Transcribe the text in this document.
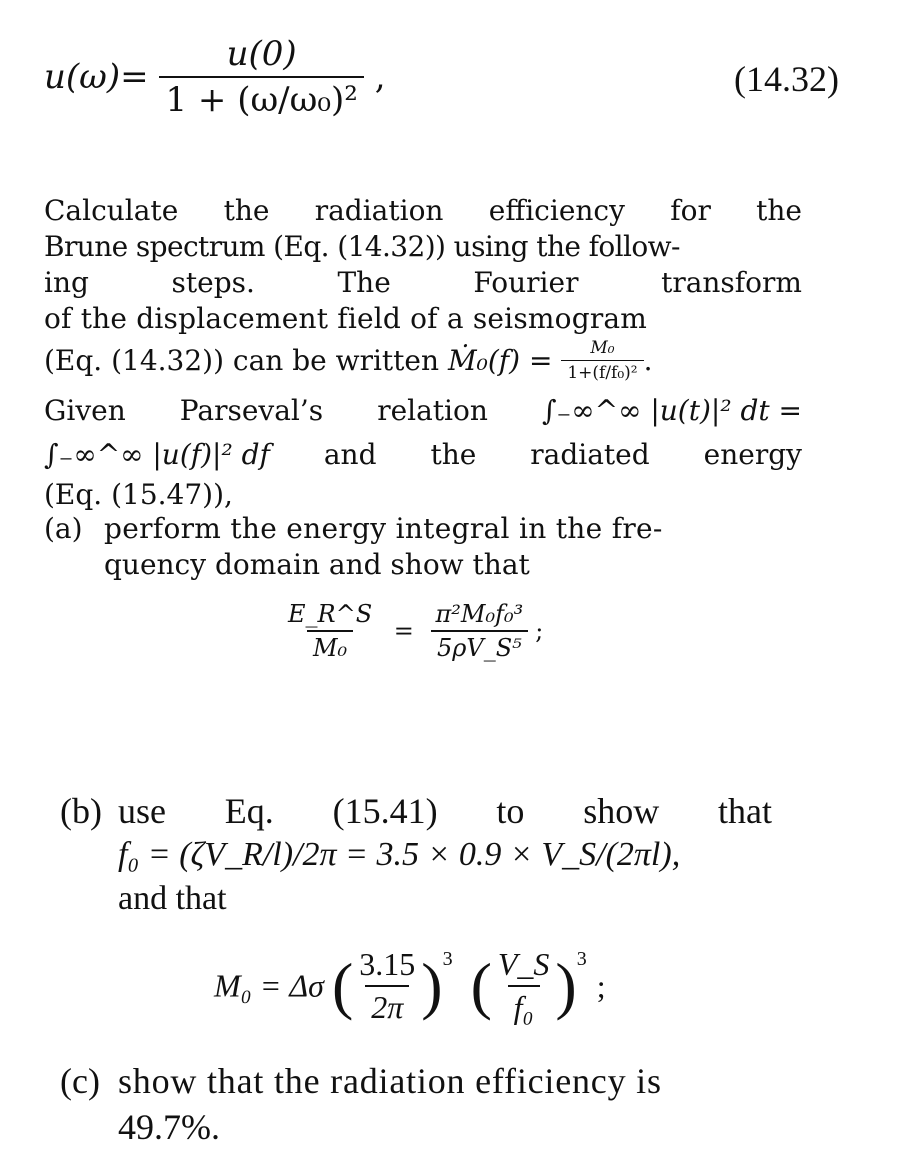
$u(\omega)= \frac{u(0)}{\text{1 + (ω/ω₀)²}}$ ,	(14.32)
Calculate the radiation efficiency for the
Brune spectrum (Eq. (14.32)) using the follow-
ing	steps.	The	Fourier	transform
of the displacement field of a seismogram
(Eq. (14.32)) can be written Ṁ₀(f) = $\frac{\text{M₀}}{\text{1+(f/f₀)²}}$ .
Given Parseval’s relation ∫₋∞^∞ |u(t)|² dt =
∫₋∞^∞ |u(f)|² df and the radiated energy
(Eq. (15.47)),
(a) perform the energy integral in the fre-
quency domain and show that
$\frac{E\_R\^{}S}{\text{M₀}} = \frac{\text{π²M₀f₀³}}{\text{5ρV\_S⁵}}$ ;
(b) use Eq. (15.41) to show that
f₀ = (ζV_R/l)/2π = 3.5 × 0.9 × V_S/(2πl),
and that
M₀ = Δσ ( $\frac{3.15}{2\pi} )^3$ ( $\frac{V\_S}{\text{f₀}} )^3$;
(c) show that the radiation efficiency is
49.7%.
